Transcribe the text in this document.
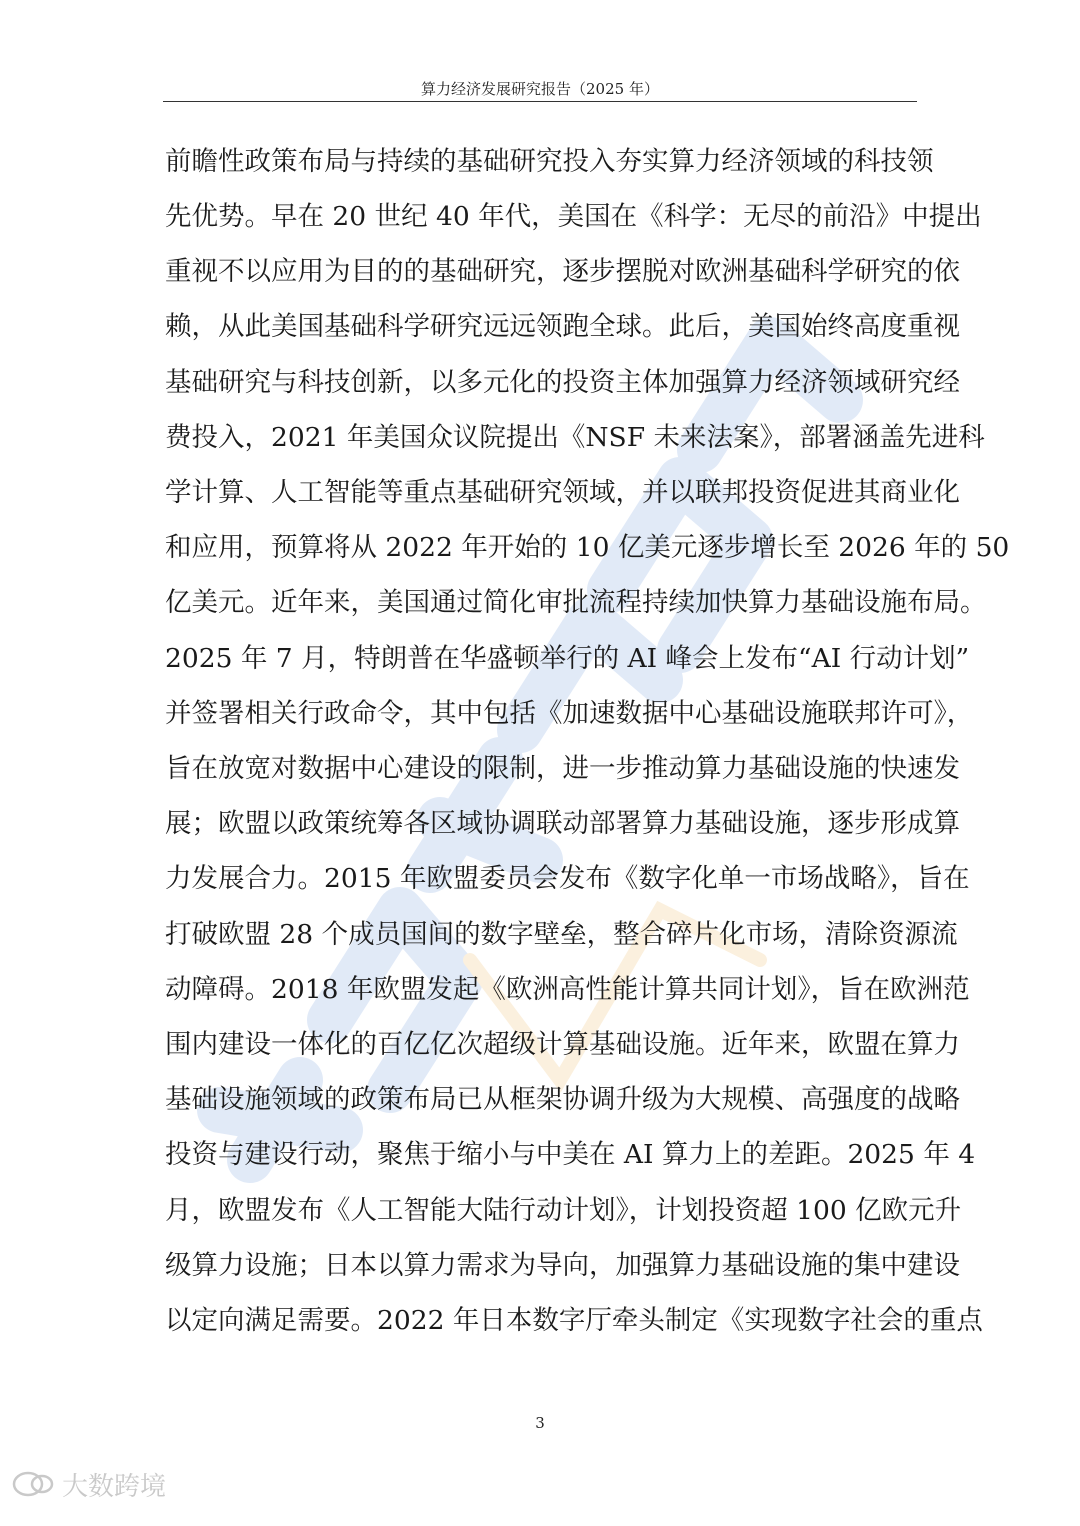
算力经济发展研究报告（2025 年）
前瞻性政策布局与持续的基础研究投入夯实算力经济领域的科技领
先优势。早在 20 世纪 40 年代，美国在《科学：无尽的前沿》中提出
重视不以应用为目的的基础研究，逐步摆脱对欧洲基础科学研究的依
赖，从此美国基础科学研究远远领跑全球。此后，美国始终高度重视
基础研究与科技创新，以多元化的投资主体加强算力经济领域研究经
费投入，2021 年美国众议院提出《NSF 未来法案》，部署涵盖先进科
学计算、人工智能等重点基础研究领域，并以联邦投资促进其商业化
和应用，预算将从 2022 年开始的 10 亿美元逐步增长至 2026 年的 50
亿美元。近年来，美国通过简化审批流程持续加快算力基础设施布局。
2025 年 7 月，特朗普在华盛顿举行的 AI 峰会上发布“AI 行动计划”
并签署相关行政命令，其中包括《加速数据中心基础设施联邦许可》，
旨在放宽对数据中心建设的限制，进一步推动算力基础设施的快速发
展；欧盟以政策统筹各区域协调联动部署算力基础设施，逐步形成算
力发展合力。2015 年欧盟委员会发布《数字化单一市场战略》，旨在
打破欧盟 28 个成员国间的数字壁垒，整合碎片化市场，清除资源流
动障碍。2018 年欧盟发起《欧洲高性能计算共同计划》，旨在欧洲范
围内建设一体化的百亿亿次超级计算基础设施。近年来，欧盟在算力
基础设施领域的政策布局已从框架协调升级为大规模、高强度的战略
投资与建设行动，聚焦于缩小与中美在 AI 算力上的差距。2025 年 4
月，欧盟发布《人工智能大陆行动计划》，计划投资超 100 亿欧元升
级算力设施；日本以算力需求为导向，加强算力基础设施的集中建设
以定向满足需要。2022 年日本数字厅牵头制定《实现数字社会的重点
3
大数跨境
